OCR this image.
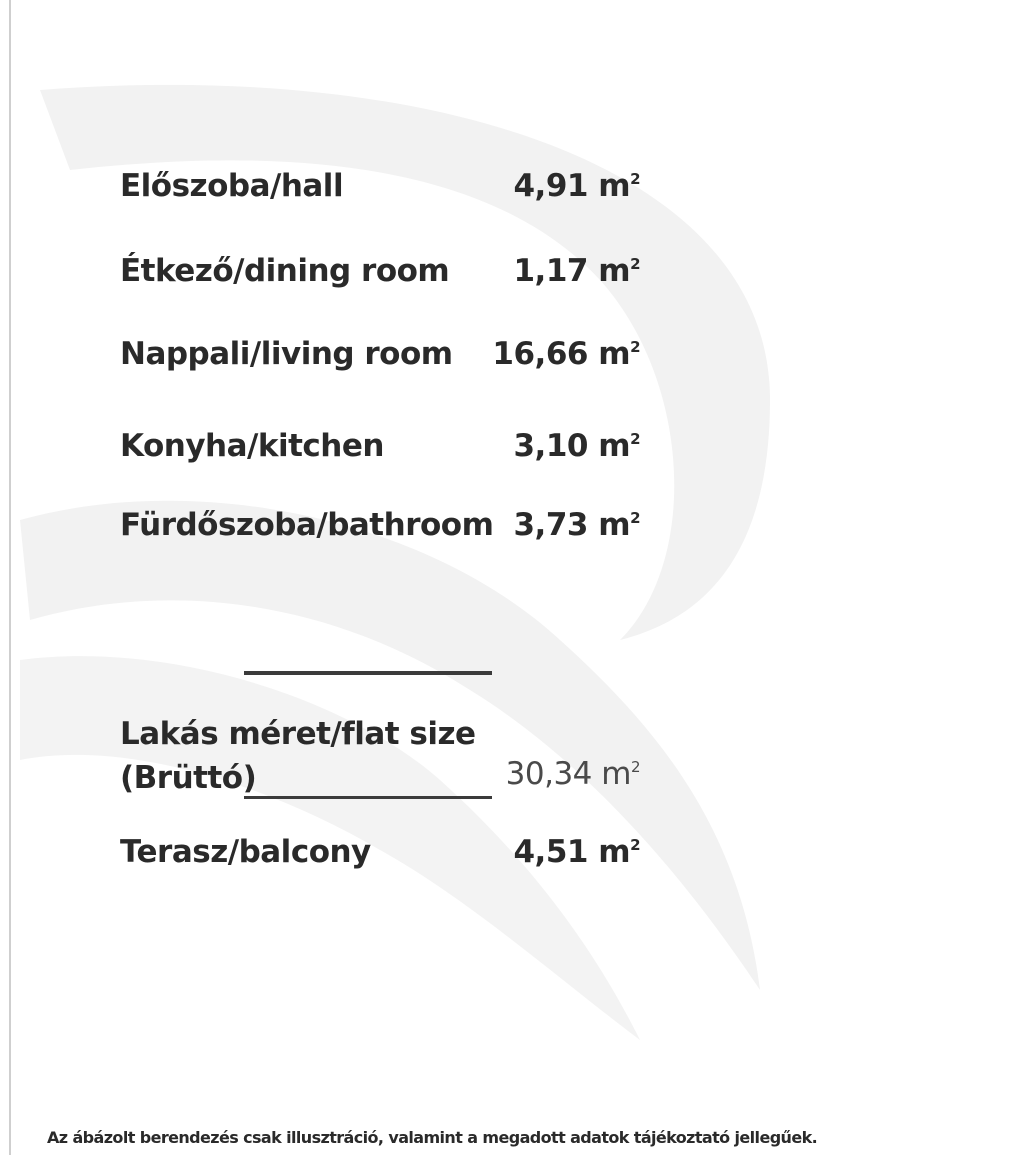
Előszoba/hall	4,91 $m^2$
Étkező/dining room 1,17 $m^2$
Nappali/living room 16,66 $m^2$
Konyha/kitchen	3,10 $m^2$
Fürdőszoba/bathroom 3,73 $m^2$
Lakás méret/flat size
(Brüttó)	30,34 $m^2$
Terasz/balcony	4,51 $m^2$
Az ábázolt berendezés csak illusztráció, valamint a megadott adatok tájékoztató jellegűek.
